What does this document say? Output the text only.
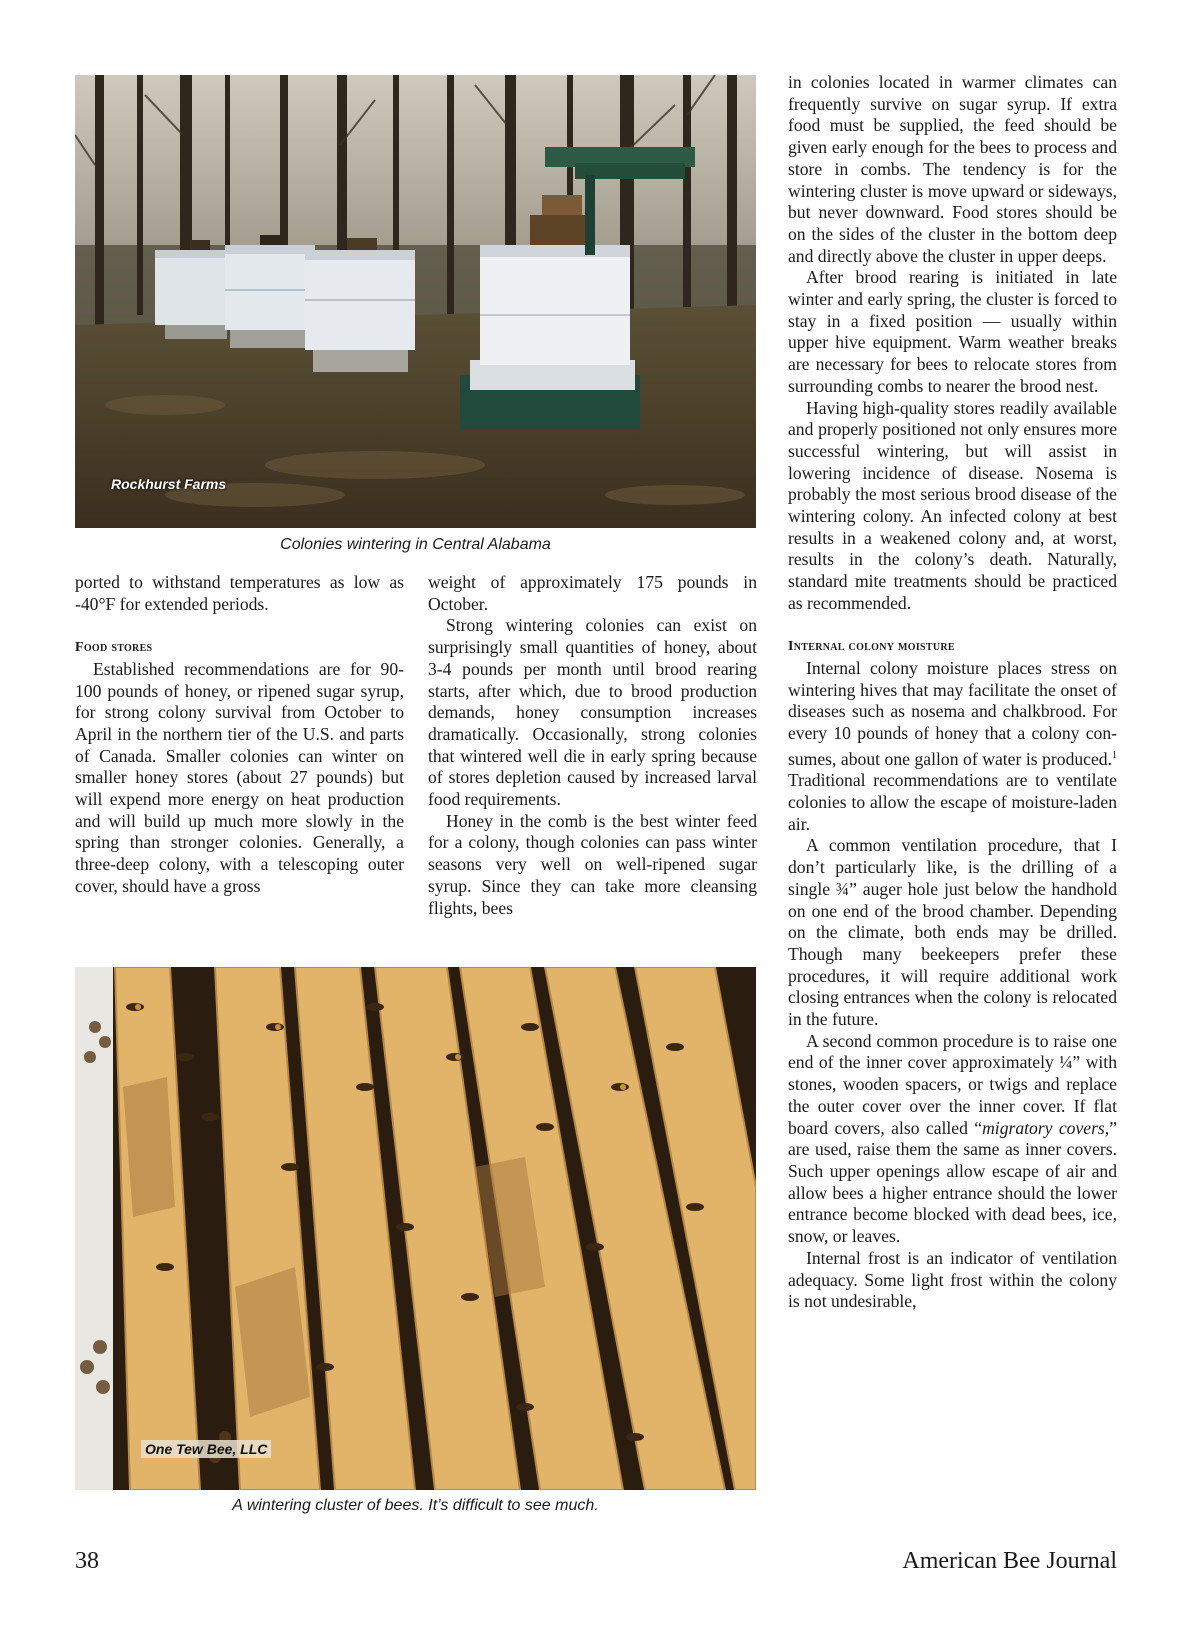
Rockhurst Farms
Colonies wintering in Central Alabama

ported to withstand temperatures as low as -40°F for extended periods.

Food stores

Established recommendations are for 90-100 pounds of honey, or ripened sugar syrup, for strong colony survival from October to April in the northern tier of the U.S. and parts of Canada. Smaller colonies can winter on smaller honey stores (about 27 pounds) but will expend more energy on heat production and will build up much more slowly in the spring than stronger colonies. Generally, a three-deep colony, with a telescoping outer cover, should have a gross

weight of approximately 175 pounds in October.

Strong wintering colonies can exist on surprisingly small quantities of honey, about 3-4 pounds per month until brood rearing starts, after which, due to brood production demands, honey consumption increases dramatically. Occasionally, strong colonies that wintered well die in early spring because of stores depletion caused by increased larval food requirements.

Honey in the comb is the best winter feed for a colony, though colonies can pass winter seasons very well on well-ripened sugar syrup. Since they can take more cleansing flights, bees

One Tew Bee, LLC
A wintering cluster of bees. It’s difficult to see much.

in colonies located in warmer climates can frequently survive on sugar syrup. If extra food must be supplied, the feed should be given early enough for the bees to process and store in combs. The tendency is for the wintering cluster is move upward or sideways, but never downward. Food stores should be on the sides of the cluster in the bottom deep and directly above the cluster in upper deeps.

After brood rearing is initiated in late winter and early spring, the cluster is forced to stay in a fixed position — usually within upper hive equipment. Warm weather breaks are necessary for bees to relocate stores from surrounding combs to nearer the brood nest.

Having high-quality stores readily available and properly positioned not only ensures more successful wintering, but will assist in lowering incidence of disease. Nosema is probably the most serious brood disease of the wintering colony. An infected colony at best results in a weakened colony and, at worst, results in the colony’s death. Naturally, standard mite treatments should be practiced as recommended.

Internal colony moisture

Internal colony moisture places stress on wintering hives that may facilitate the onset of diseases such as nosema and chalkbrood. For every 10 pounds of honey that a colony consumes, about one gallon of water is produced.$^1$ Traditional recommendations are to ventilate colonies to allow the escape of moisture-laden air.

A common ventilation procedure, that I don’t particularly like, is the drilling of a single ¾” auger hole just below the handhold on one end of the brood chamber. Depending on the climate, both ends may be drilled. Though many beekeepers prefer these procedures, it will require additional work closing entrances when the colony is relocated in the future.

A second common procedure is to raise one end of the inner cover approximately ¼” with stones, wooden spacers, or twigs and replace the outer cover over the inner cover. If flat board covers, also called “migratory covers,” are used, raise them the same as inner covers. Such upper openings allow escape of air and allow bees a higher entrance should the lower entrance become blocked with dead bees, ice, snow, or leaves.

Internal frost is an indicator of ventilation adequacy. Some light frost within the colony is not undesirable,

38	American Bee Journal
